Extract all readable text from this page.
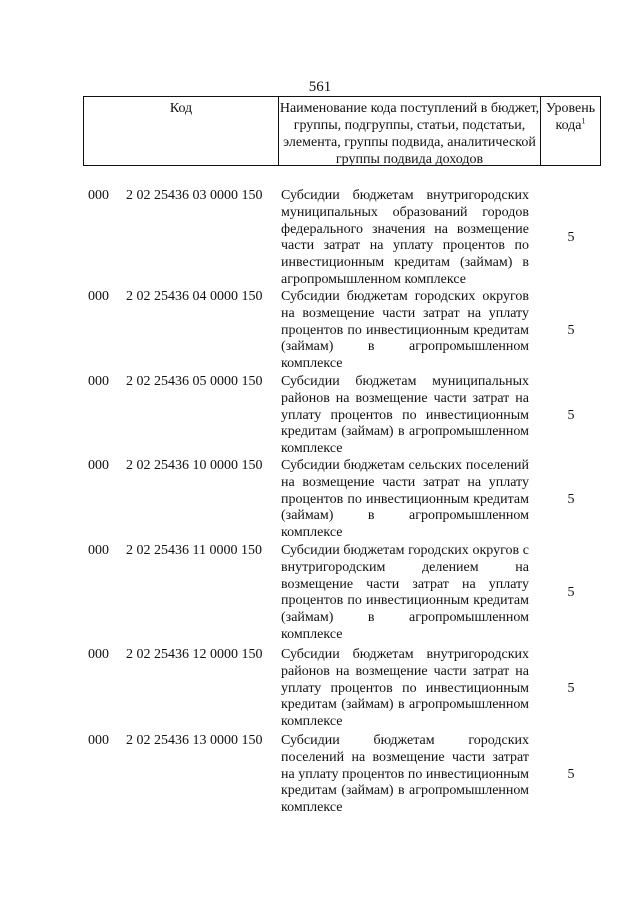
561
Код	Наименование кода поступлений в бюджет, группы, подгруппы, статьи, подстатьи, элемента, группы подвида, аналитической группы подвида доходов
Уровень кода$^1$
000 2 02 25436 03 0000 150 Субсидии бюджетам внутригородских муниципальных образований городов федерального значения на возмещение части затрат на уплату процентов по инвестиционным кредитам (займам) в агропромышленном комплексе
5
000 2 02 25436 04 0000 150 Субсидии бюджетам городских округов на возмещение части затрат на уплату процентов по инвестиционным кредитам (займам) в агропромышленном комплексе
5
000 2 02 25436 05 0000 150 Субсидии бюджетам муниципальных районов на возмещение части затрат на уплату процентов по инвестиционным кредитам (займам) в агропромышленном комплексе
5
000 2 02 25436 10 0000 150 Субсидии бюджетам сельских поселений на возмещение части затрат на уплату процентов по инвестиционным кредитам (займам) в агропромышленном комплексе
5
000 2 02 25436 11 0000 150 Субсидии бюджетам городских округов с внутригородским делением на возмещение части затрат на уплату процентов по инвестиционным кредитам (займам) в агропромышленном комплексе
5
000 2 02 25436 12 0000 150 Субсидии бюджетам внутригородских районов на возмещение части затрат на уплату процентов по инвестиционным кредитам (займам) в агропромышленном комплексе
5
000 2 02 25436 13 0000 150 Субсидии бюджетам городских поселений на возмещение части затрат на уплату процентов по инвестиционным кредитам (займам) в агропромышленном комплексе
5
